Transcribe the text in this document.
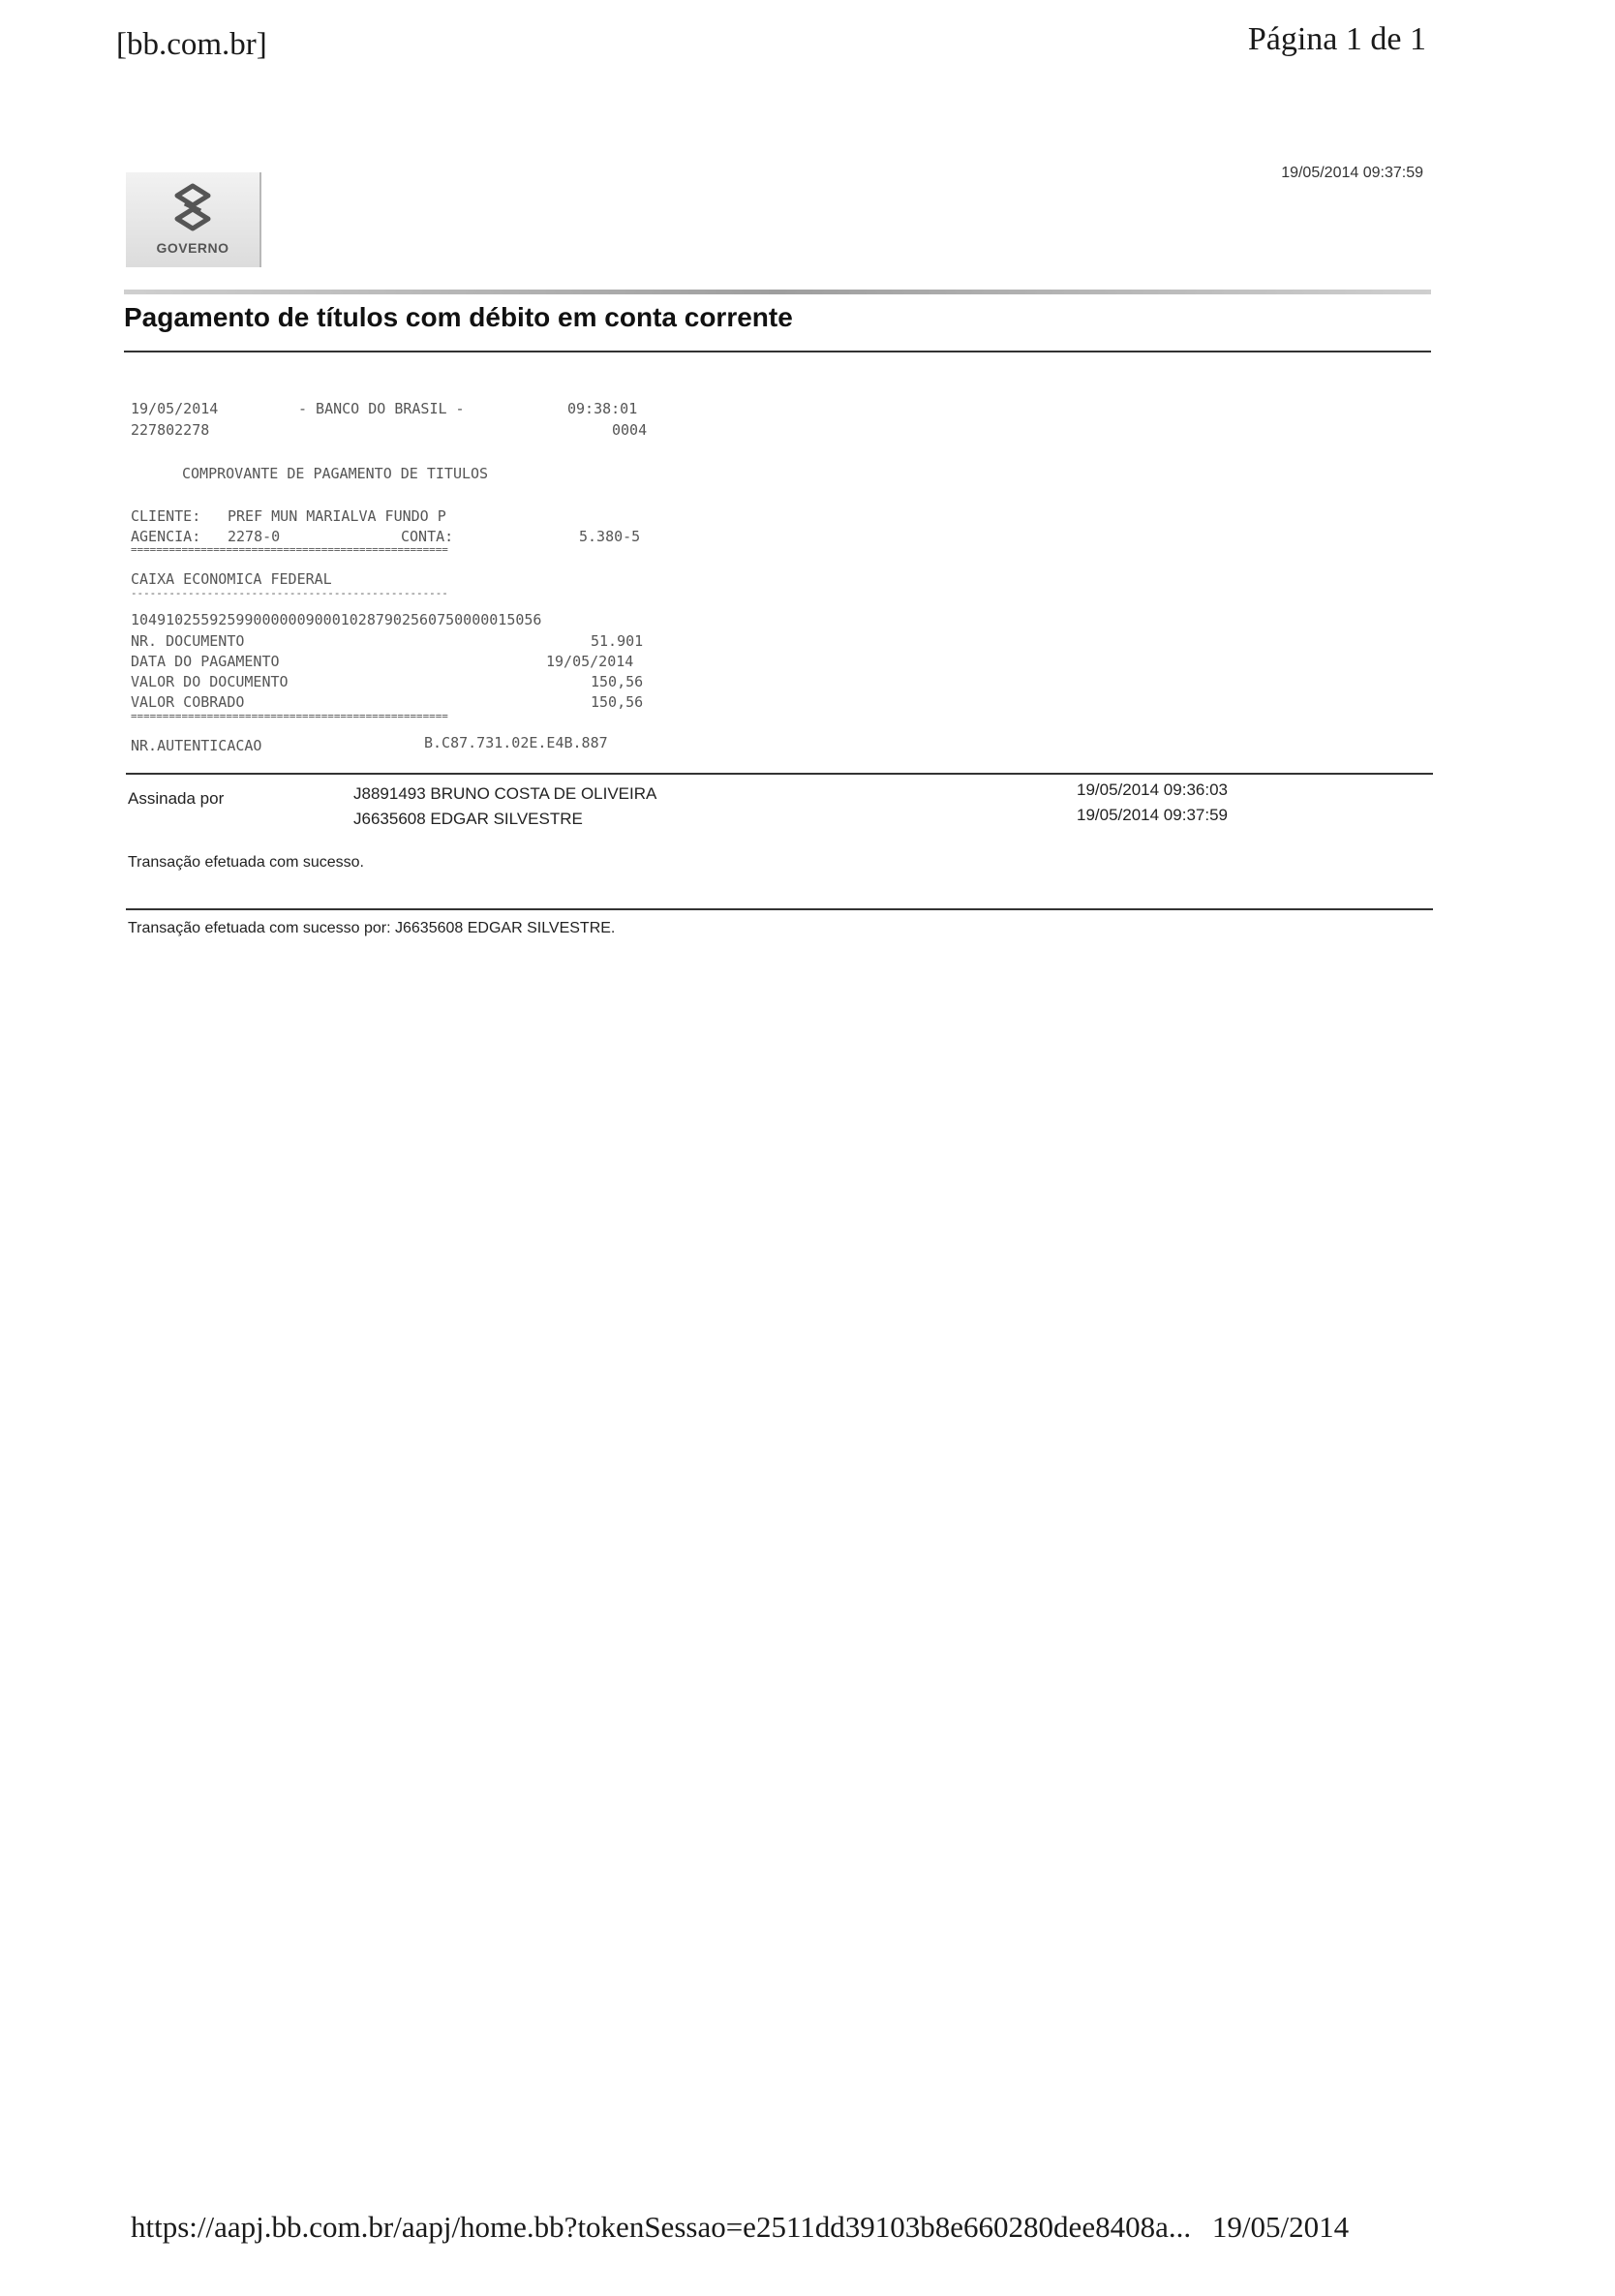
[bb.com.br]	Página 1 de 1
19/05/2014 09:37:59
GOVERNO
Pagamento de títulos com débito em conta corrente
19/05/2014	- BANCO DO BRASIL -	09:38:01
227802278	0004
COMPROVANTE DE PAGAMENTO DE TITULOS
CLIENTE: PREF MUN MARIALVA FUNDO P
AGENCIA: 2278-0	CONTA:	5.380-5
==================================================
CAIXA ECONOMICA FEDERAL
--------------------------------------------------
10491025592599000000900010287902560750000015056
NR. DOCUMENTO	51.901
DATA DO PAGAMENTO	19/05/2014
VALOR DO DOCUMENTO	150,56
VALOR COBRADO	150,56
==================================================
NR.AUTENTICACAO	B.C87.731.02E.E4B.887
Assinada por	J8891493 BRUNO COSTA DE OLIVEIRA	19/05/2014 09:36:03
J6635608 EDGAR SILVESTRE	19/05/2014 09:37:59
Transação efetuada com sucesso.
Transação efetuada com sucesso por: J6635608 EDGAR SILVESTRE.
https://aapj.bb.com.br/aapj/home.bb?tokenSessao=e2511dd39103b8e660280dee8408a... 19/05/2014
